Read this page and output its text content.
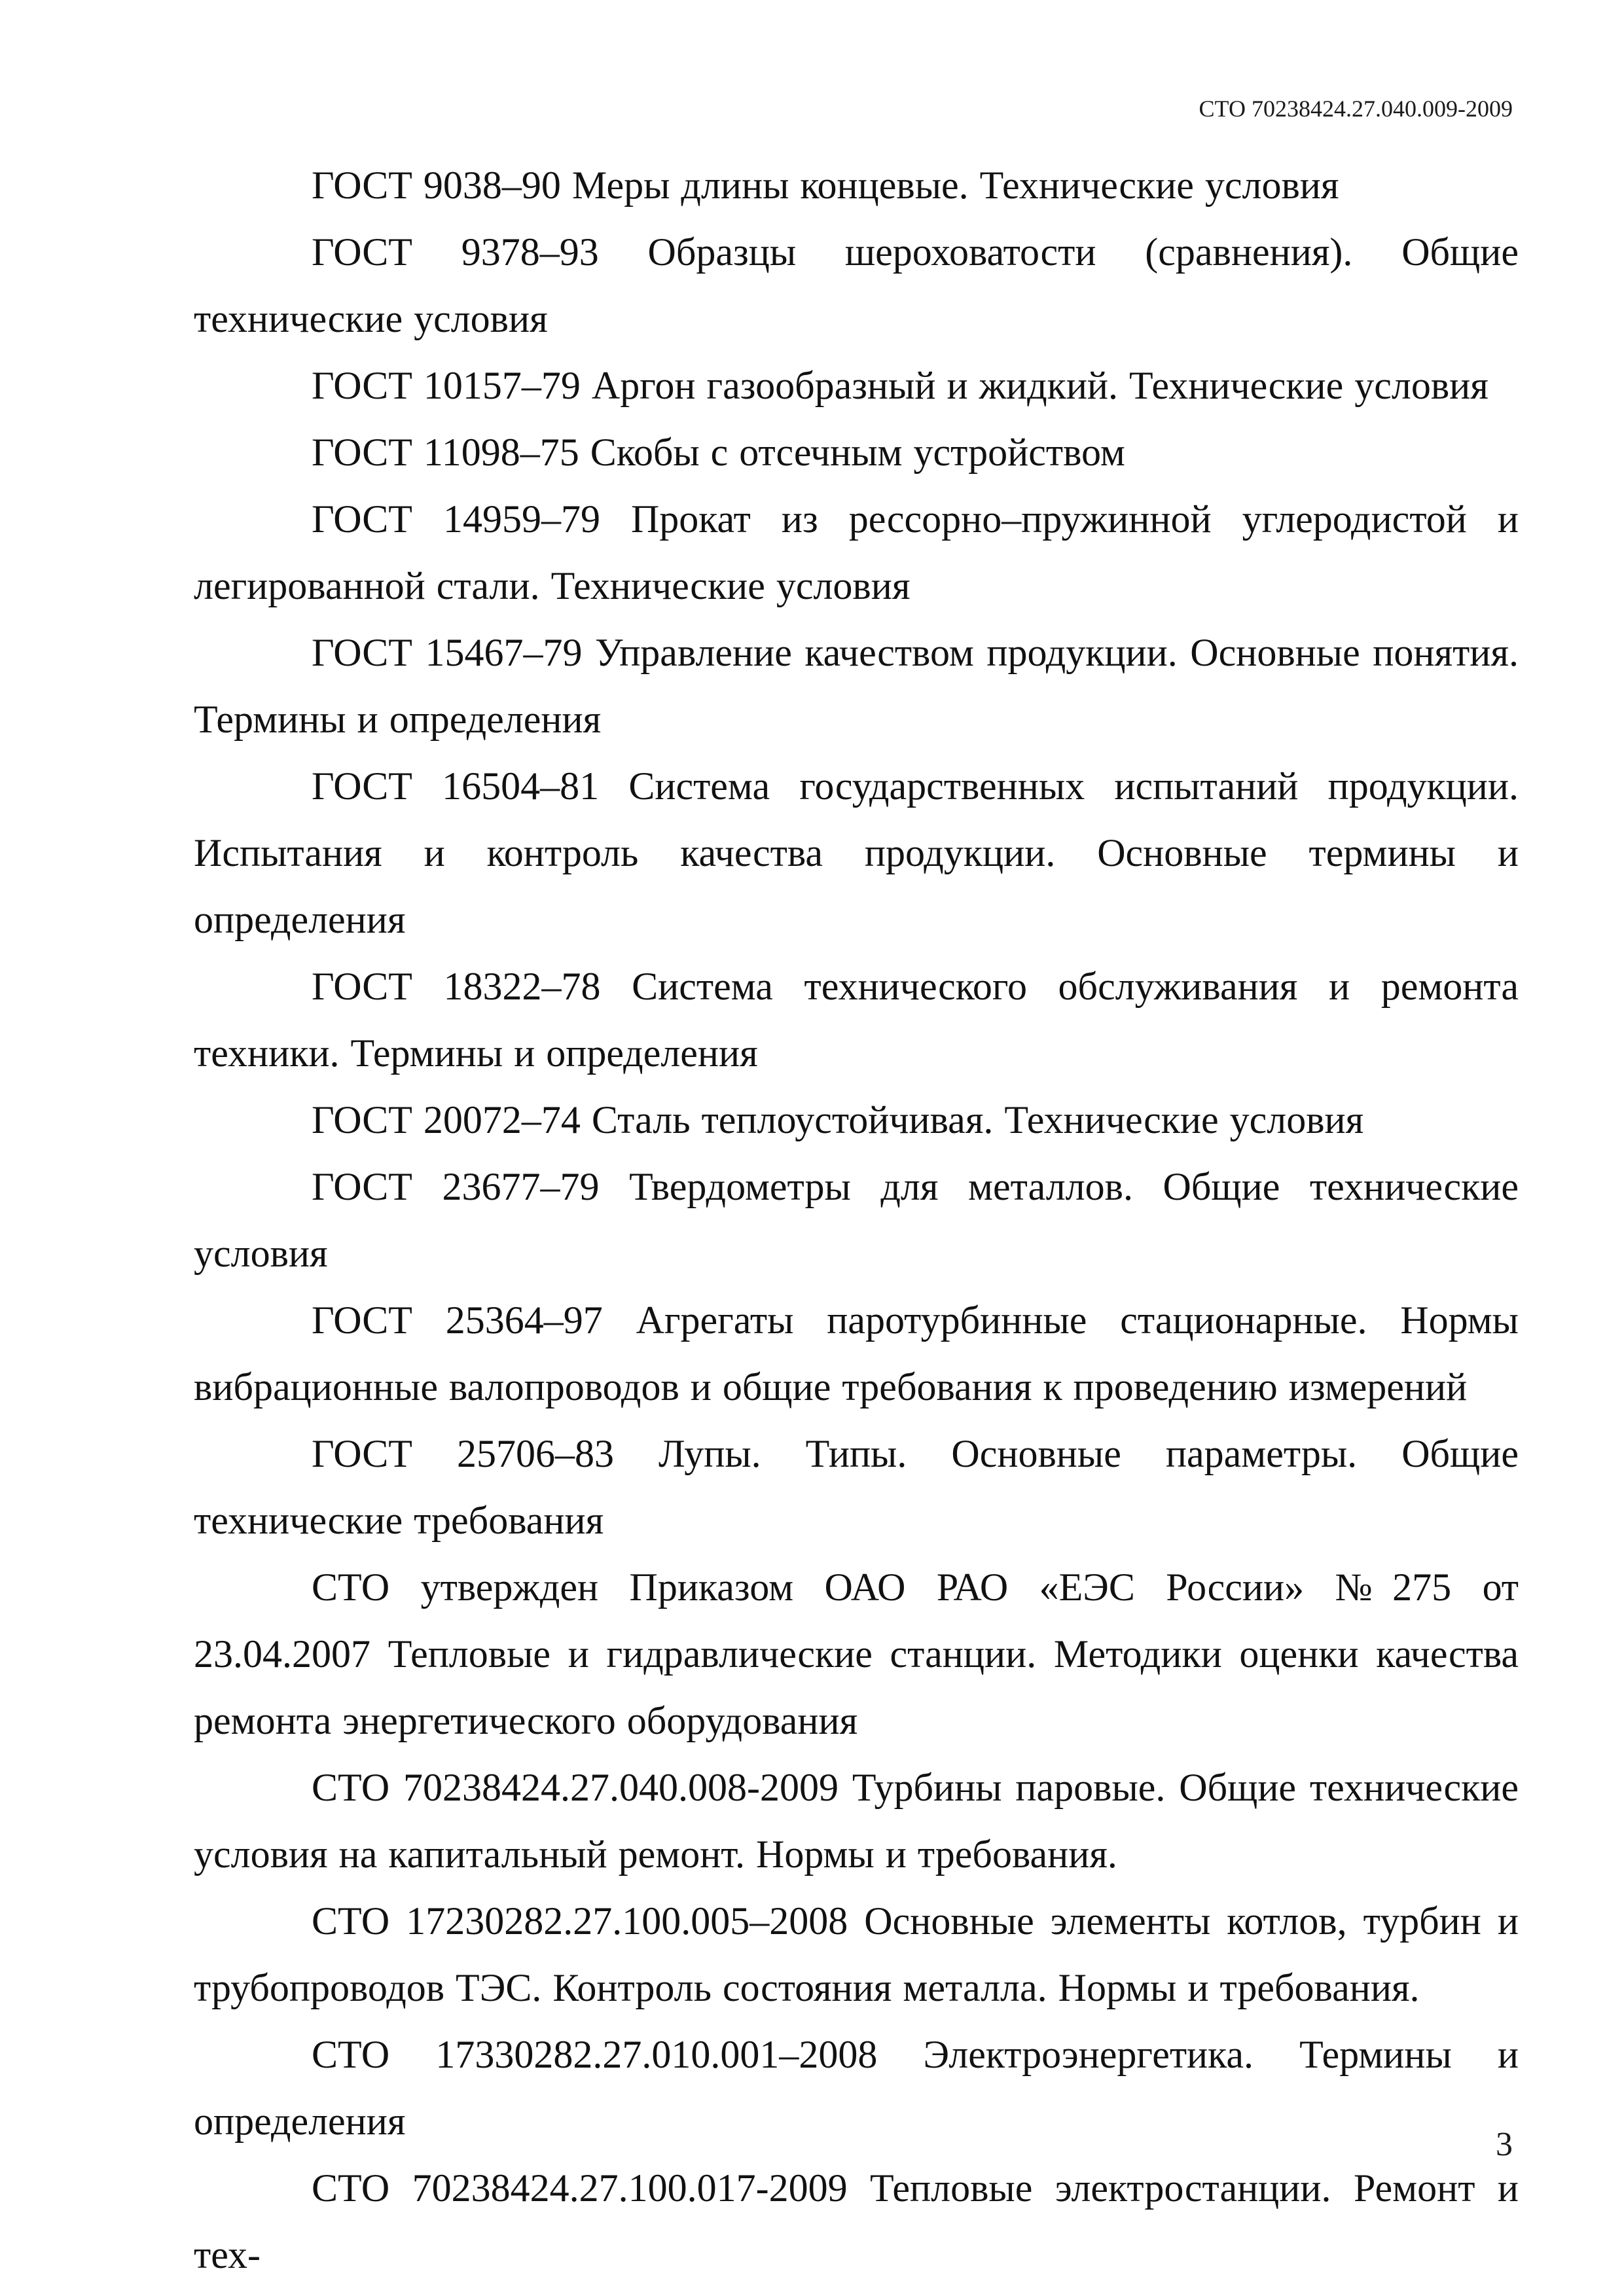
СТО 70238424.27.040.009-2009

ГОСТ 9038–90 Меры длины концевые. Технические условия

ГОСТ 9378–93 Образцы шероховатости (сравнения). Общие технические условия

ГОСТ 10157–79 Аргон газообразный и жидкий. Технические условия

ГОСТ 11098–75 Скобы с отсечным устройством

ГОСТ 14959–79 Прокат из рессорно–пружинной углеродистой и легированной стали. Технические условия

ГОСТ 15467–79 Управление качеством продукции. Основные понятия. Термины и определения

ГОСТ 16504–81 Система государственных испытаний продукции. Испытания и контроль качества продукции. Основные термины и определения

ГОСТ 18322–78 Система технического обслуживания и ремонта техники. Термины и определения

ГОСТ 20072–74 Сталь теплоустойчивая. Технические условия

ГОСТ 23677–79 Твердометры для металлов. Общие технические условия

ГОСТ 25364–97 Агрегаты паротурбинные стационарные. Нормы вибрационные валопроводов и общие требования к проведению измерений

ГОСТ 25706–83 Лупы. Типы. Основные параметры. Общие технические требования

СТО утвержден Приказом ОАО РАО «ЕЭС России» №275 от 23.04.2007 Тепловые и гидравлические станции. Методики оценки качества ремонта энергетического оборудования

СТО 70238424.27.040.008-2009 Турбины паровые. Общие технические условия на капитальный ремонт. Нормы и требования.

СТО 17230282.27.100.005–2008 Основные элементы котлов, турбин и трубопроводов ТЭС. Контроль состояния металла. Нормы и требования.

СТО 17330282.27.010.001–2008 Электроэнергетика. Термины и определения

СТО 70238424.27.100.017-2009 Тепловые электростанции. Ремонт и тех-

3
